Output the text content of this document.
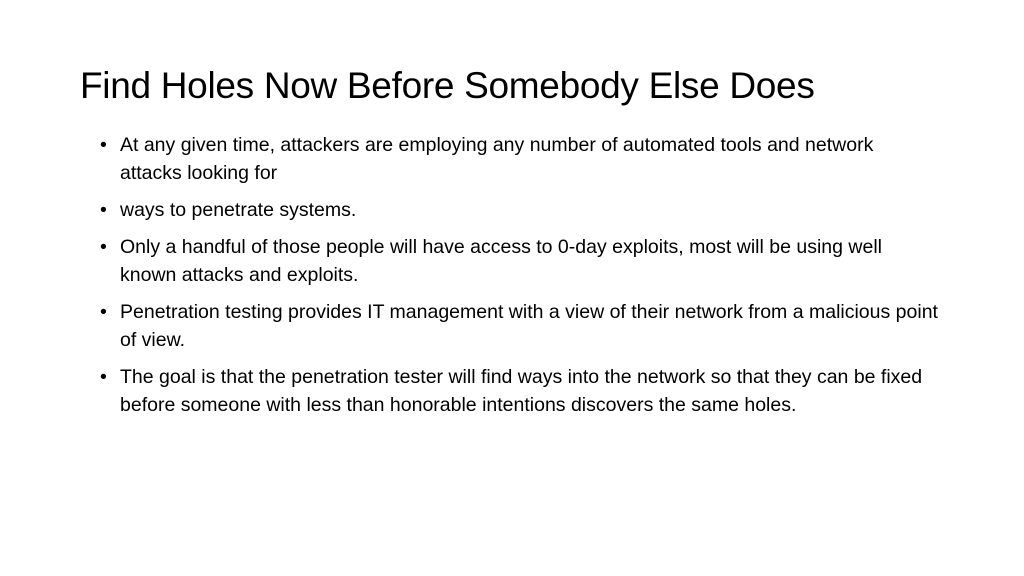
Find Holes Now Before Somebody Else Does
• At any given time, attackers are employing any number of automated tools and network attacks looking for
• ways to penetrate systems.
• Only a handful of those people will have access to 0-day exploits, most will be using well known attacks and exploits.
• Penetration testing provides IT management with a view of their network from a malicious point of view.
• The goal is that the penetration tester will find ways into the network so that they can be fixed before someone with less than honorable intentions discovers the same holes.
